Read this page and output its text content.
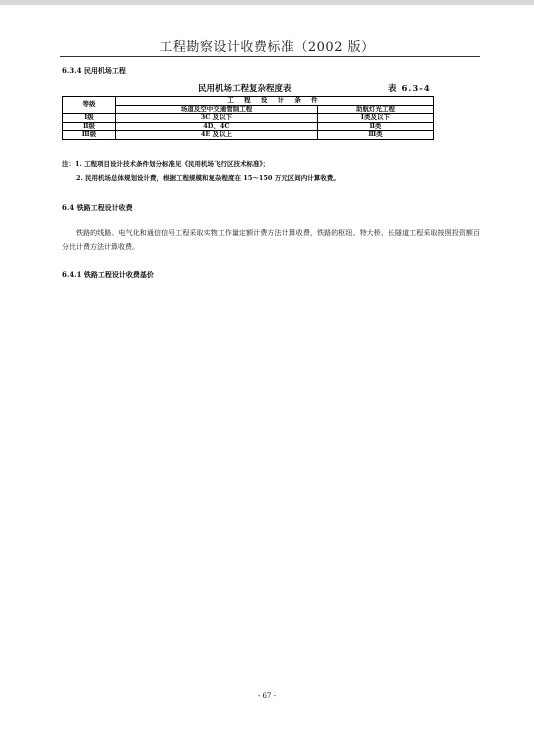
工程勘察设计收费标准（2002 版）
6.3.4 民用机场工程
民用机场工程复杂程度表	表 6.3-4
等级	工 程 设 计 条 件	
	场道及空中交通管制工程	助航灯光工程
Ⅰ级	3C 及以下	Ⅰ类及以下
Ⅱ级	4D、4C	Ⅱ类
Ⅲ级	4E 及以上	Ⅲ类
注：1. 工程项目设计技术条件划分标准见《民用机场飞行区技术标准》；
2. 民用机场总体规划设计费，根据工程规模和复杂程度在 15～150 万元区间内计算收费。
6.4 铁路工程设计收费
铁路的线路、电气化和通信信号工程采取实物工作量定额计费方法计算收费，铁路的枢纽、特大桥、长隧道工程采取按照投资额百分比计费方法计算收费。
6.4.1 铁路工程设计收费基价
- 67 -
